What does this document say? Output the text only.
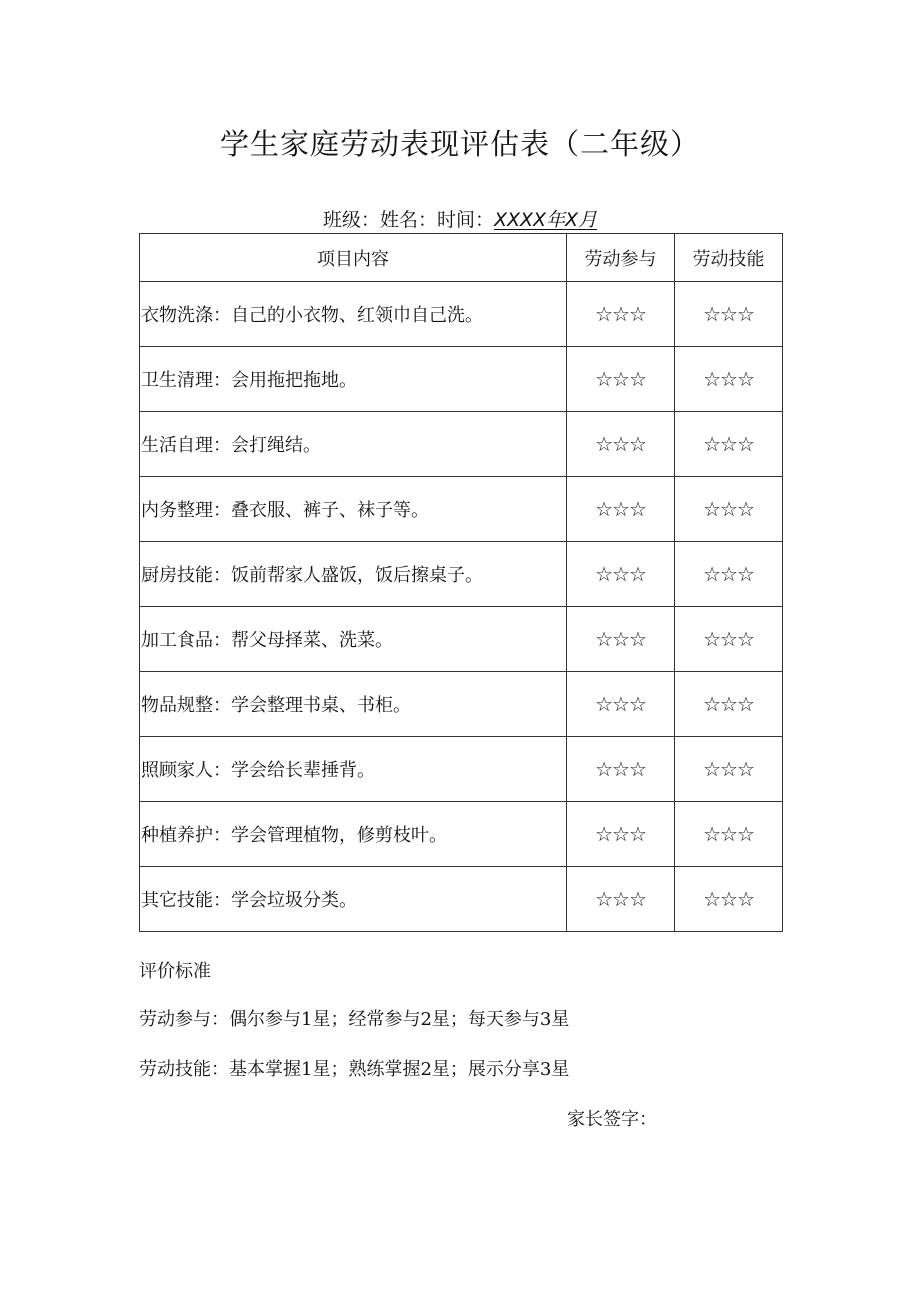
学生家庭劳动表现评估表（二年级）
班级：姓名：时间：XXXX年X月
项目内容	劳动参与	劳动技能
衣物洗涤：自己的小衣物、红领巾自己洗。	☆☆☆	☆☆☆
卫生清理：会用拖把拖地。	☆☆☆	☆☆☆
生活自理：会打绳结。	☆☆☆	☆☆☆
内务整理：叠衣服、裤子、袜子等。	☆☆☆	☆☆☆
厨房技能：饭前帮家人盛饭，饭后擦桌子。	☆☆☆	☆☆☆
加工食品：帮父母择菜、洗菜。	☆☆☆	☆☆☆
物品规整：学会整理书桌、书柜。	☆☆☆	☆☆☆
照顾家人：学会给长辈捶背。	☆☆☆	☆☆☆
种植养护：学会管理植物，修剪枝叶。	☆☆☆	☆☆☆
其它技能：学会垃圾分类。	☆☆☆	☆☆☆
评价标准
劳动参与：偶尔参与1星；经常参与2星；每天参与3星
劳动技能：基本掌握1星；熟练掌握2星；展示分享3星
家长签字：
